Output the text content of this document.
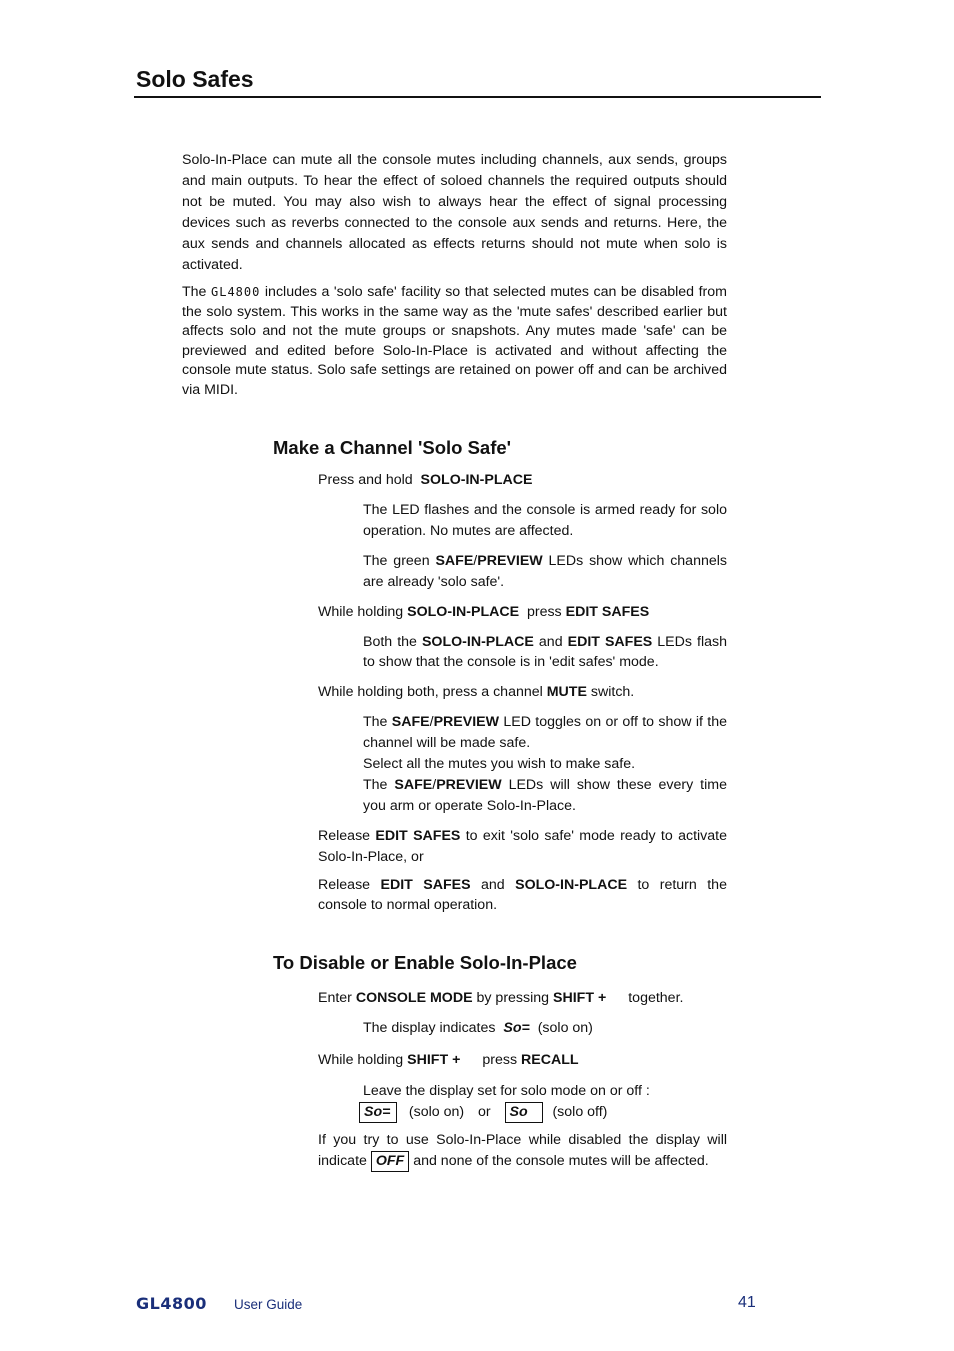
Solo Safes

Solo-In-Place can mute all the console mutes including channels, aux sends, groups and main outputs. To hear the effect of soloed channels the required outputs should not be muted. You may also wish to always hear the effect of signal processing devices such as reverbs connected to the console aux sends and returns. Here, the aux sends and channels allocated as effects returns should not mute when solo is activated.

The GL4800 includes a 'solo safe' facility so that selected mutes can be disabled from the solo system. This works in the same way as the 'mute safes' described earlier but affects solo and not the mute groups or snapshots. Any mutes made 'safe' can be previewed and edited before Solo-In-Place is activated and without affecting the console mute status. Solo safe settings are retained on power off and can be archived via MIDI.

Make a Channel 'Solo Safe'

Press and hold SOLO-IN-PLACE

The LED flashes and the console is armed ready for solo operation. No mutes are affected.

The green SAFE/PREVIEW LEDs show which channels are already 'solo safe'.

While holding SOLO-IN-PLACE press EDIT SAFES

Both the SOLO-IN-PLACE and EDIT SAFES LEDs flash to show that the console is in 'edit safes' mode.

While holding both, press a channel MUTE switch.

The SAFE/PREVIEW LED toggles on or off to show if the channel will be made safe.

Select all the mutes you wish to make safe.

The SAFE/PREVIEW LEDs will show these every time you arm or operate Solo-In-Place.

Release EDIT SAFES to exit 'solo safe' mode ready to activate Solo-In-Place, or

Release EDIT SAFES and SOLO-IN-PLACE to return the console to normal operation.

To Disable or Enable Solo-In-Place

Enter CONSOLE MODE by pressing SHIFT + together.

The display indicates So= (solo on)

While holding SHIFT + press RECALL

Leave the display set for solo mode on or off :

So= (solo on) or So (solo off)

If you try to use Solo-In-Place while disabled the display will indicate OFF and none of the console mutes will be affected.

GL4800 User Guide	41
